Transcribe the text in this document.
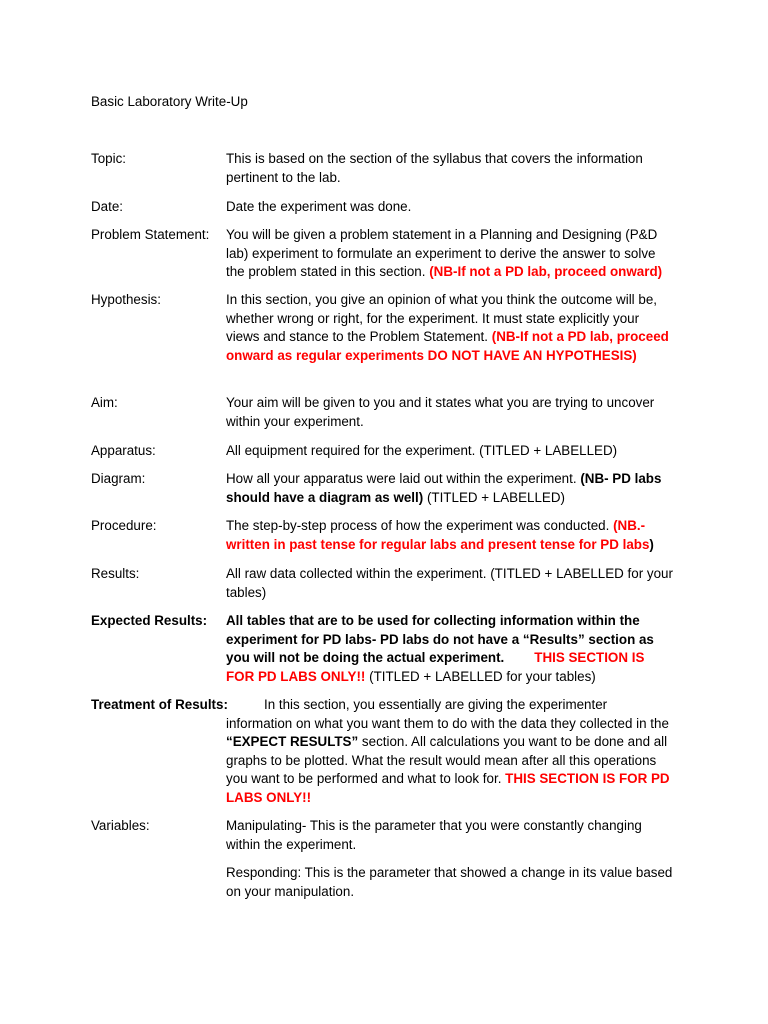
Basic Laboratory Write-Up
Topic:	This is based on the section of the syllabus that covers the information pertinent to the lab.
Date:	Date the experiment was done.
Problem Statement: You will be given a problem statement in a Planning and Designing (P&D lab) experiment to formulate an experiment to derive the answer to solve the problem stated in this section. (NB-If not a PD lab, proceed onward)
Hypothesis:	In this section, you give an opinion of what you think the outcome will be, whether wrong or right, for the experiment. It must state explicitly your views and stance to the Problem Statement. (NB-If not a PD lab, proceed onward as regular experiments DO NOT HAVE AN HYPOTHESIS)
Aim:	Your aim will be given to you and it states what you are trying to uncover within your experiment.
Apparatus:	All equipment required for the experiment. (TITLED + LABELLED)
Diagram:	How all your apparatus were laid out within the experiment. (NB- PD labs should have a diagram as well) (TITLED + LABELLED)
Procedure:	The step-by-step process of how the experiment was conducted. (NB.- written in past tense for regular labs and present tense for PD labs)
Results:	All raw data collected within the experiment. (TITLED + LABELLED for your tables)
Expected Results: All tables that are to be used for collecting information within the experiment for PD labs- PD labs do not have a “Results” section as you will not be doing the actual experiment. THIS SECTION IS FOR PD LABS ONLY!! (TITLED + LABELLED for your tables)
Treatment of Results:	In this section, you essentially are giving the experimenter information on what you want them to do with the data they collected in the “EXPECT RESULTS” section. All calculations you want to be done and all graphs to be plotted. What the result would mean after all this operations you want to be performed and what to look for. THIS SECTION IS FOR PD LABS ONLY!!
Variables:	Manipulating- This is the parameter that you were constantly changing within the experiment.

Responding: This is the parameter that showed a change in its value based on your manipulation.
